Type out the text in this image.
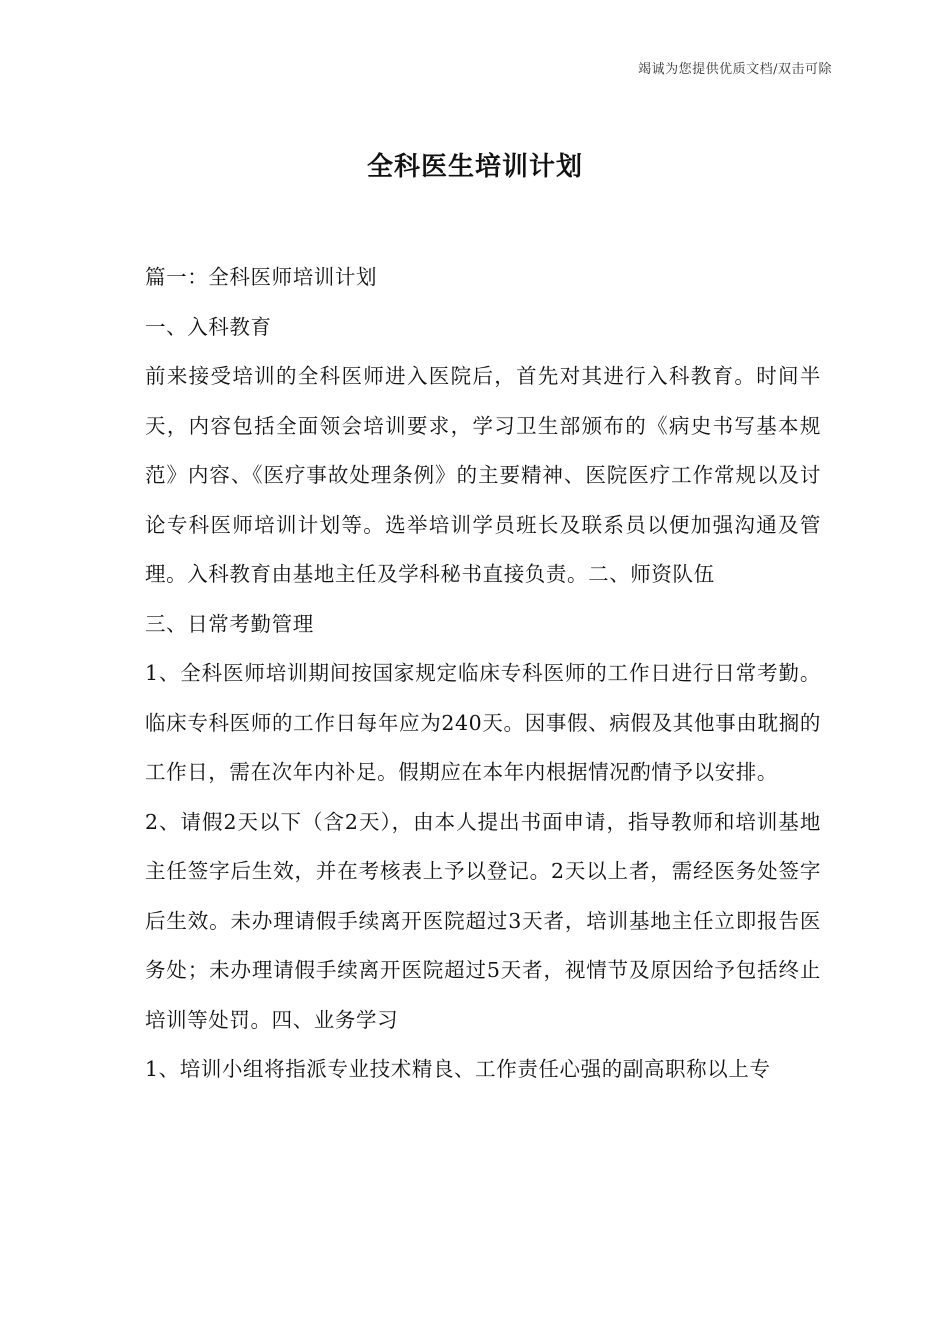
竭诚为您提供优质文档/双击可除
全科医生培训计划

篇一：全科医师培训计划

一、入科教育

前来接受培训的全科医师进入医院后，首先对其进行入科教育。时间半天，内容包括全面领会培训要求，学习卫生部颁布的《病史书写基本规范》内容、《医疗事故处理条例》的主要精神、医院医疗工作常规以及讨论专科医师培训计划等。选举培训学员班长及联系员以便加强沟通及管理。入科教育由基地主任及学科秘书直接负责。二、师资队伍

三、日常考勤管理

1、全科医师培训期间按国家规定临床专科医师的工作日进行日常考勤。临床专科医师的工作日每年应为240天。因事假、病假及其他事由耽搁的工作日，需在次年内补足。假期应在本年内根据情况酌情予以安排。

2、请假2天以下（含2天），由本人提出书面申请，指导教师和培训基地主任签字后生效，并在考核表上予以登记。2天以上者，需经医务处签字后生效。未办理请假手续离开医院超过3天者，培训基地主任立即报告医务处；未办理请假手续离开医院超过5天者，视情节及原因给予包括终止培训等处罚。四、业务学习

1、培训小组将指派专业技术精良、工作责任心强的副高职称以上专
